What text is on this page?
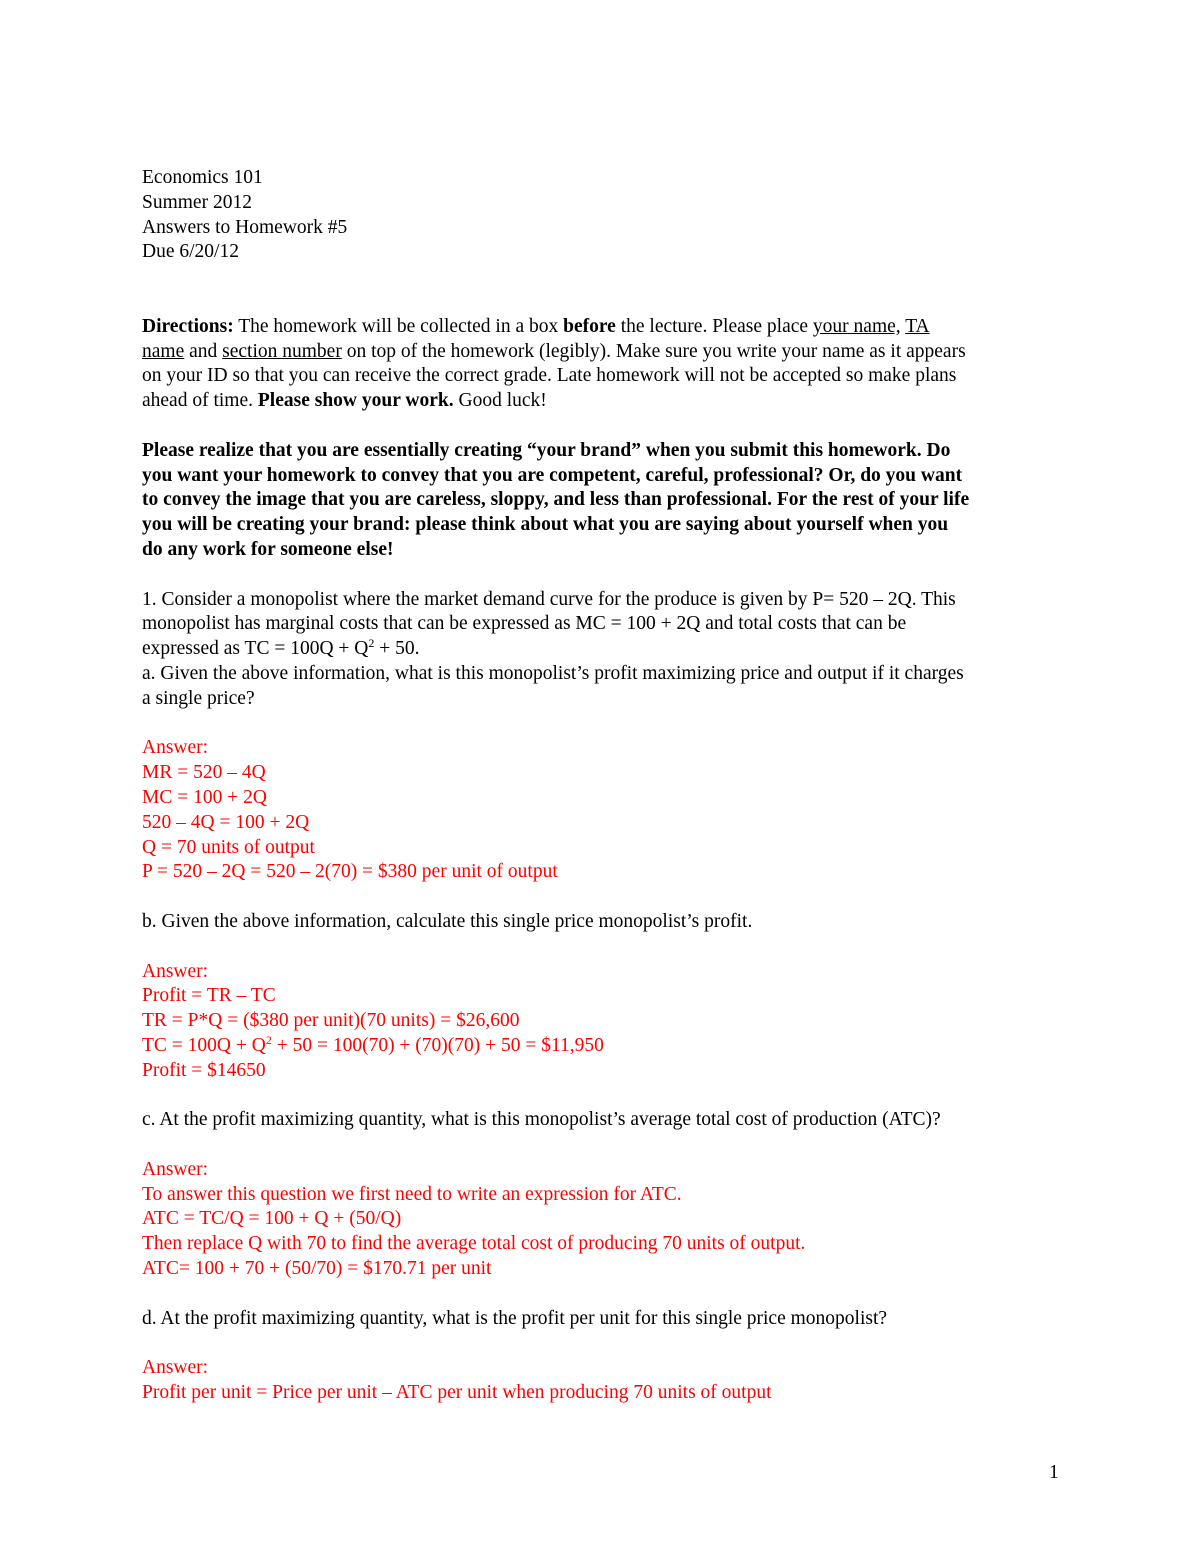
Economics 101
Summer 2012
Answers to Homework #5
Due 6/20/12
Directions: The homework will be collected in a box before the lecture. Please place your name, TA
name and section number on top of the homework (legibly). Make sure you write your name as it appears
on your ID so that you can receive the correct grade. Late homework will not be accepted so make plans
ahead of time. Please show your work. Good luck!
Please realize that you are essentially creating “your brand” when you submit this homework. Do
you want your homework to convey that you are competent, careful, professional? Or, do you want
to convey the image that you are careless, sloppy, and less than professional. For the rest of your life
you will be creating your brand: please think about what you are saying about yourself when you
do any work for someone else!
1. Consider a monopolist where the market demand curve for the produce is given by P= 520 – 2Q. This
monopolist has marginal costs that can be expressed as MC = 100 + 2Q and total costs that can be
expressed as TC = $100Q + Q^2 + 50$.
a. Given the above information, what is this monopolist’s profit maximizing price and output if it charges
a single price?
Answer:
MR = 520 – 4Q
MC = 100 + 2Q
520 – 4Q = 100 + 2Q
Q = 70 units of output
P = 520 – 2Q = 520 – 2(70) = $380 per unit of output
b. Given the above information, calculate this single price monopolist’s profit.
Answer:
Profit = TR – TC
TR = P*Q = ($380 per unit)(70 units) = $26,600
TC = $100Q + Q^2 + 50 = 100(70) + (70)(70) + 50$ = $11,950
Profit = $14650
c. At the profit maximizing quantity, what is this monopolist’s average total cost of production (ATC)?
Answer:
To answer this question we first need to write an expression for ATC.
ATC = TC/Q = 100 + Q + (50/Q)
Then replace Q with 70 to find the average total cost of producing 70 units of output.
ATC= 100 + 70 + (50/70) = $170.71 per unit
d. At the profit maximizing quantity, what is the profit per unit for this single price monopolist?
Answer:
Profit per unit = Price per unit – ATC per unit when producing 70 units of output
1
